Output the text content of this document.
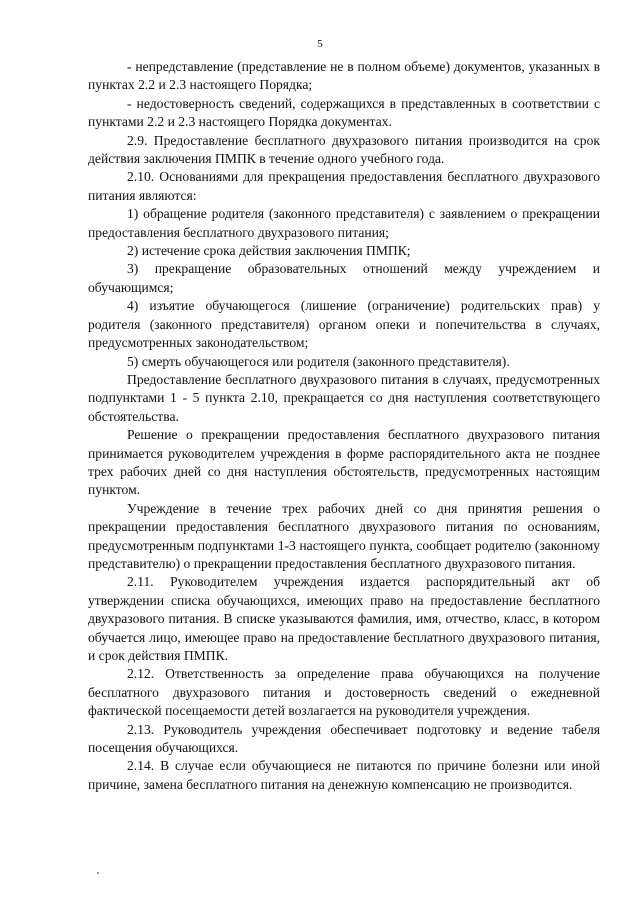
5

- непредставление (представление не в полном объеме) документов, указанных в пунктах 2.2 и 2.3 настоящего Порядка;

- недостоверность сведений, содержащихся в представленных в соответствии с пунктами 2.2 и 2.3 настоящего Порядка документах.

2.9. Предоставление бесплатного двухразового питания производится на срок действия заключения ПМПК в течение одного учебного года.

2.10. Основаниями для прекращения предоставления бесплатного двухразового питания являются:

1) обращение родителя (законного представителя) с заявлением о прекращении предоставления бесплатного двухразового питания;

2) истечение срока действия заключения ПМПК;

3) прекращение образовательных отношений между учреждением и обучающимся;

4) изъятие обучающегося (лишение (ограничение) родительских прав) у родителя (законного представителя) органом опеки и попечительства в случаях, предусмотренных законодательством;

5) смерть обучающегося или родителя (законного представителя).

Предоставление бесплатного двухразового питания в случаях, предусмотренных подпунктами 1 - 5 пункта 2.10, прекращается со дня наступления соответствующего обстоятельства.

Решение о прекращении предоставления бесплатного двухразового питания принимается руководителем учреждения в форме распорядительного акта не позднее трех рабочих дней со дня наступления обстоятельств, предусмотренных настоящим пунктом.

Учреждение в течение трех рабочих дней со дня принятия решения о прекращении предоставления бесплатного двухразового питания по основаниям, предусмотренным подпунктами 1-3 настоящего пункта, сообщает родителю (законному представителю) о прекращении предоставления бесплатного двухразового питания.

2.11. Руководителем учреждения издается распорядительный акт об утверждении списка обучающихся, имеющих право на предоставление бесплатного двухразового питания. В списке указываются фамилия, имя, отчество, класс, в котором обучается лицо, имеющее право на предоставление бесплатного двухразового питания, и срок действия ПМПК.

2.12. Ответственность за определение права обучающихся на получение бесплатного двухразового питания и достоверность сведений о ежедневной фактической посещаемости детей возлагается на руководителя учреждения.

2.13. Руководитель учреждения обеспечивает подготовку и ведение табеля посещения обучающихся.

2.14. В случае если обучающиеся не питаются по причине болезни или иной причине, замена бесплатного питания на денежную компенсацию не производится.
